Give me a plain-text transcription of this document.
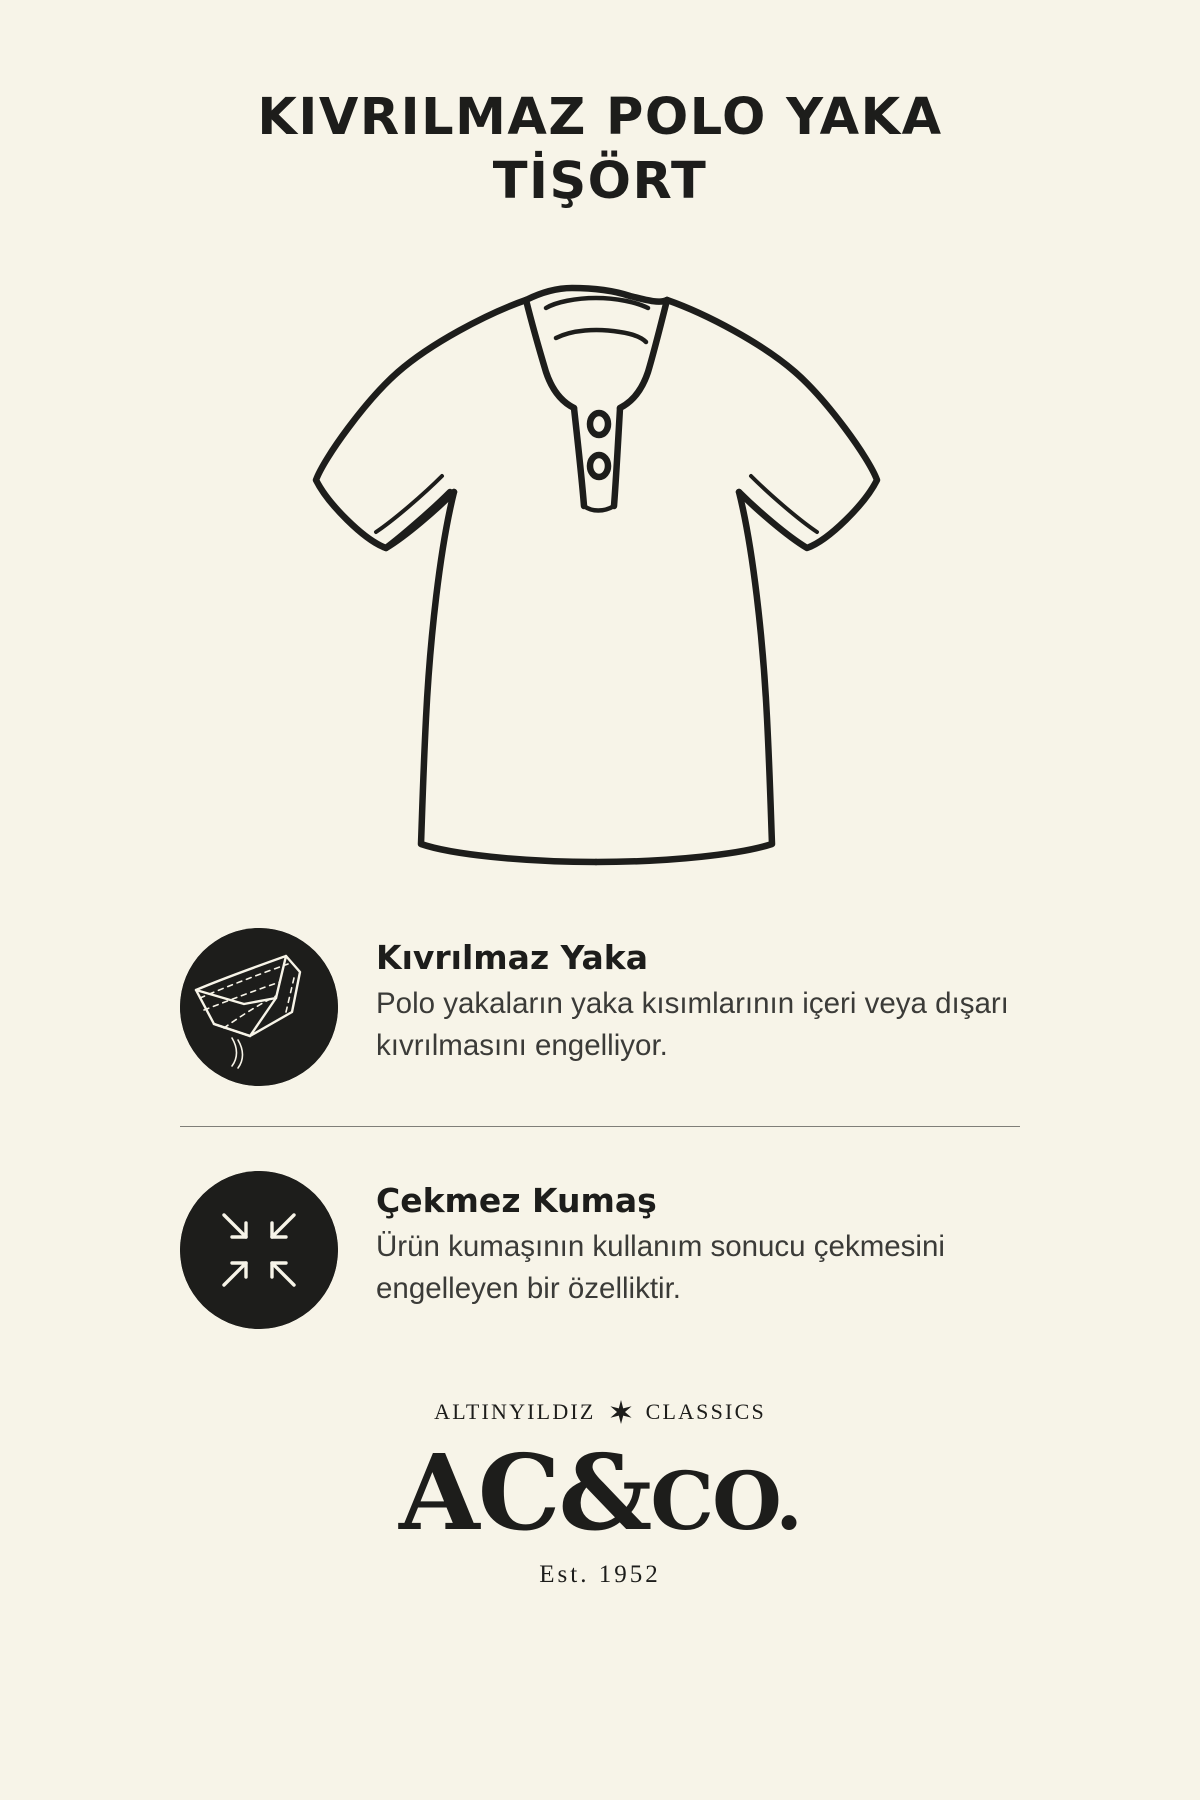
KIVRILMAZ POLO YAKA
TİŞÖRT
Kıvrılmaz Yaka

Polo yakaların yaka kısımlarının içeri veya dışarı kıvrılmasını engelliyor.

Çekmez Kumaş

Ürün kumaşının kullanım sonucu çekmesini engelleyen bir özelliktir.

ALTINYILDIZ CLASSICS
AC&CO.
Est. 1952
